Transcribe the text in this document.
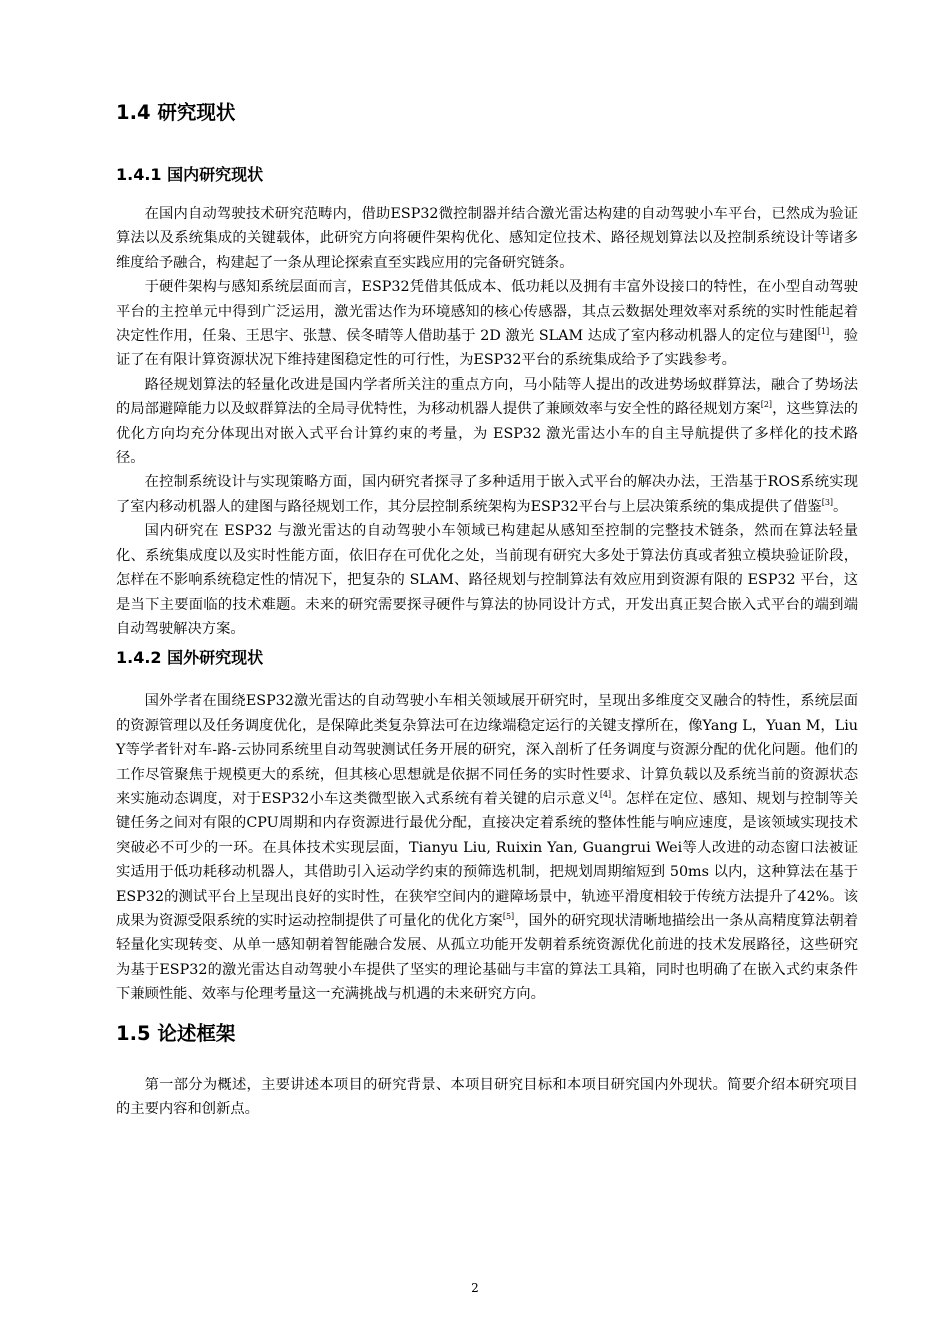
1.4 研究现状
1.4.1 国内研究现状

在国内自动驾驶技术研究范畴内，借助ESP32微控制器并结合激光雷达构建的自动驾驶小车平台，已然成为验证算法以及系统集成的关键载体，此研究方向将硬件架构优化、感知定位技术、路径规划算法以及控制系统设计等诸多维度给予融合，构建起了一条从理论探索直至实践应用的完备研究链条。

于硬件架构与感知系统层面而言，ESP32凭借其低成本、低功耗以及拥有丰富外设接口的特性，在小型自动驾驶平台的主控单元中得到广泛运用，激光雷达作为环境感知的核心传感器，其点云数据处理效率对系统的实时性能起着决定性作用，任枭、王思宇、张慧、侯冬晴等人借助基于 2D 激光 SLAM 达成了室内移动机器人的定位与建图[1]，验证了在有限计算资源状况下维持建图稳定性的可行性，为ESP32平台的系统集成给予了实践参考。

路径规划算法的轻量化改进是国内学者所关注的重点方向，马小陆等人提出的改进势场蚁群算法，融合了势场法的局部避障能力以及蚁群算法的全局寻优特性，为移动机器人提供了兼顾效率与安全性的路径规划方案[2]，这些算法的优化方向均充分体现出对嵌入式平台计算约束的考量，为 ESP32 激光雷达小车的自主导航提供了多样化的技术路径。

在控制系统设计与实现策略方面，国内研究者探寻了多种适用于嵌入式平台的解决办法，王浩基于ROS系统实现了室内移动机器人的建图与路径规划工作，其分层控制系统架构为ESP32平台与上层决策系统的集成提供了借鉴[3]。

国内研究在 ESP32 与激光雷达的自动驾驶小车领域已构建起从感知至控制的完整技术链条，然而在算法轻量化、系统集成度以及实时性能方面，依旧存在可优化之处，当前现有研究大多处于算法仿真或者独立模块验证阶段，怎样在不影响系统稳定性的情况下，把复杂的 SLAM、路径规划与控制算法有效应用到资源有限的 ESP32 平台，这是当下主要面临的技术难题。未来的研究需要探寻硬件与算法的协同设计方式，开发出真正契合嵌入式平台的端到端自动驾驶解决方案。

1.4.2 国外研究现状

国外学者在围绕ESP32激光雷达的自动驾驶小车相关领域展开研究时，呈现出多维度交叉融合的特性，系统层面的资源管理以及任务调度优化，是保障此类复杂算法可在边缘端稳定运行的关键支撑所在，像Yang L，Yuan M，Liu Y等学者针对车-路-云协同系统里自动驾驶测试任务开展的研究，深入剖析了任务调度与资源分配的优化问题。他们的工作尽管聚焦于规模更大的系统，但其核心思想就是依据不同任务的实时性要求、计算负载以及系统当前的资源状态来实施动态调度，对于ESP32小车这类微型嵌入式系统有着关键的启示意义[4]。怎样在定位、感知、规划与控制等关键任务之间对有限的CPU周期和内存资源进行最优分配，直接决定着系统的整体性能与响应速度，是该领域实现技术突破必不可少的一环。在具体技术实现层面，Tianyu Liu, Ruixin Yan, Guangrui Wei等人改进的动态窗口法被证实适用于低功耗移动机器人，其借助引入运动学约束的预筛选机制，把规划周期缩短到 50ms 以内，这种算法在基于ESP32的测试平台上呈现出良好的实时性，在狭窄空间内的避障场景中，轨迹平滑度相较于传统方法提升了42%。该成果为资源受限系统的实时运动控制提供了可量化的优化方案[5]，国外的研究现状清晰地描绘出一条从高精度算法朝着轻量化实现转变、从单一感知朝着智能融合发展、从孤立功能开发朝着系统资源优化前进的技术发展路径，这些研究为基于ESP32的激光雷达自动驾驶小车提供了坚实的理论基础与丰富的算法工具箱，同时也明确了在嵌入式约束条件下兼顾性能、效率与伦理考量这一充满挑战与机遇的未来研究方向。

1.5 论述框架

第一部分为概述，主要讲述本项目的研究背景、本项目研究目标和本项目研究国内外现状。简要介绍本研究项目的主要内容和创新点。

2
